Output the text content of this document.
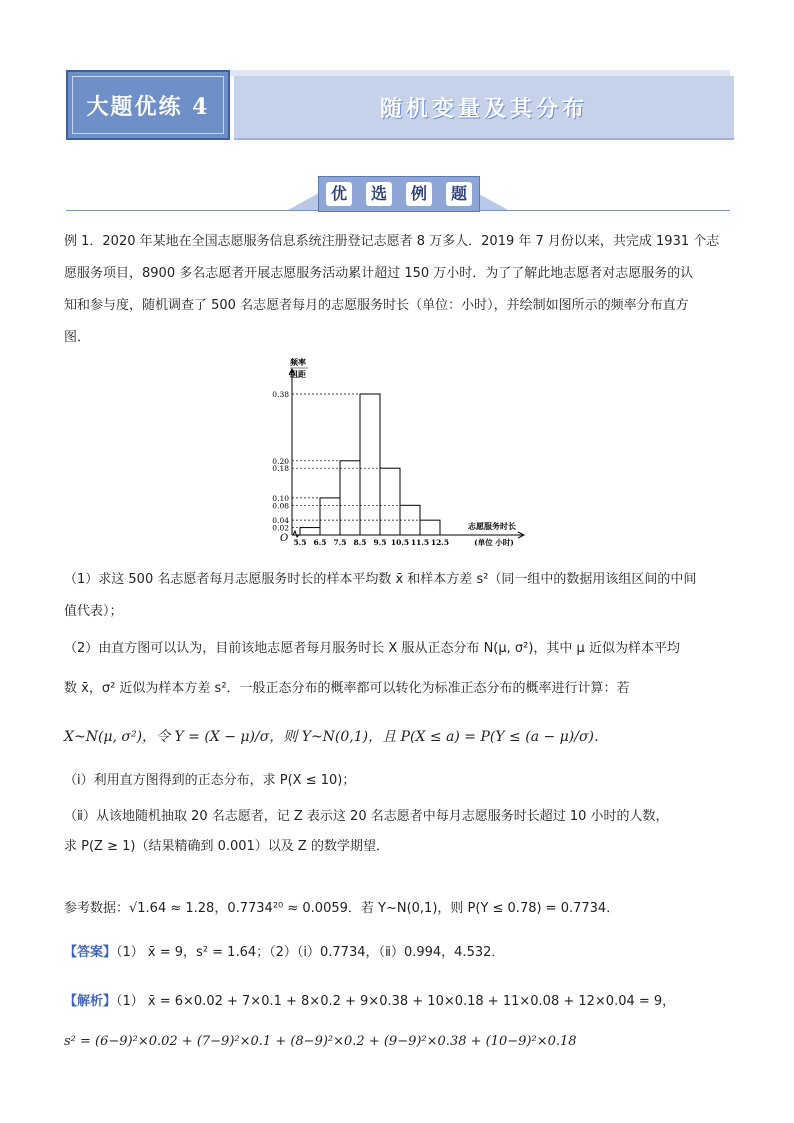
大题优练 4	随机变量及其分布
优	选	例	题
例 1．2020 年某地在全国志愿服务信息系统注册登记志愿者 8 万多人．2019 年 7 月份以来，共完成 1931 个志
愿服务项目，8900 多名志愿者开展志愿服务活动累计超过 150 万小时．为了了解此地志愿者对志愿服务的认
知和参与度，随机调查了 500 名志愿者每月的志愿服务时长（单位：小时），并绘制如图所示的频率分布直方
图．
O
频率
组距
0.02
0.04
0.08
0.10
0.18
0.20
0.38
5.5 6.5 7.5 8.5 9.5 10.5 11.5 12.5
志愿服务时长
(单位 小时)
（1）求这 500 名志愿者每月志愿服务时长的样本平均数 x̄ 和样本方差 s²（同一组中的数据用该组区间的中间
值代表）；
（2）由直方图可以认为，目前该地志愿者每月服务时长 X 服从正态分布 N(μ, σ²)，其中 μ 近似为样本平均
数 x̄，σ² 近似为样本方差 s²．一般正态分布的概率都可以转化为标准正态分布的概率进行计算：若
X~N(μ, σ²)，令 Y = (X − μ)/σ，则 Y~N(0,1)，且 P(X ≤ a) = P(Y ≤ (a − μ)/σ)．
（ⅰ）利用直方图得到的正态分布，求 P(X ≤ 10)；
（ⅱ）从该地随机抽取 20 名志愿者，记 Z 表示这 20 名志愿者中每月志愿服务时长超过 10 小时的人数，
求 P(Z ≥ 1)（结果精确到 0.001）以及 Z 的数学期望．
参考数据：√1.64 ≈ 1.28，0.7734²⁰ ≈ 0.0059．若 Y~N(0,1)，则 P(Y ≤ 0.78) = 0.7734．
【答案】（1） x̄ = 9，s² = 1.64；（2）（ⅰ）0.7734，（ⅱ）0.994，4.532．
【解析】（1） x̄ = 6×0.02 + 7×0.1 + 8×0.2 + 9×0.38 + 10×0.18 + 11×0.08 + 12×0.04 = 9，
s² = (6−9)²×0.02 + (7−9)²×0.1 + (8−9)²×0.2 + (9−9)²×0.38 + (10−9)²×0.18
